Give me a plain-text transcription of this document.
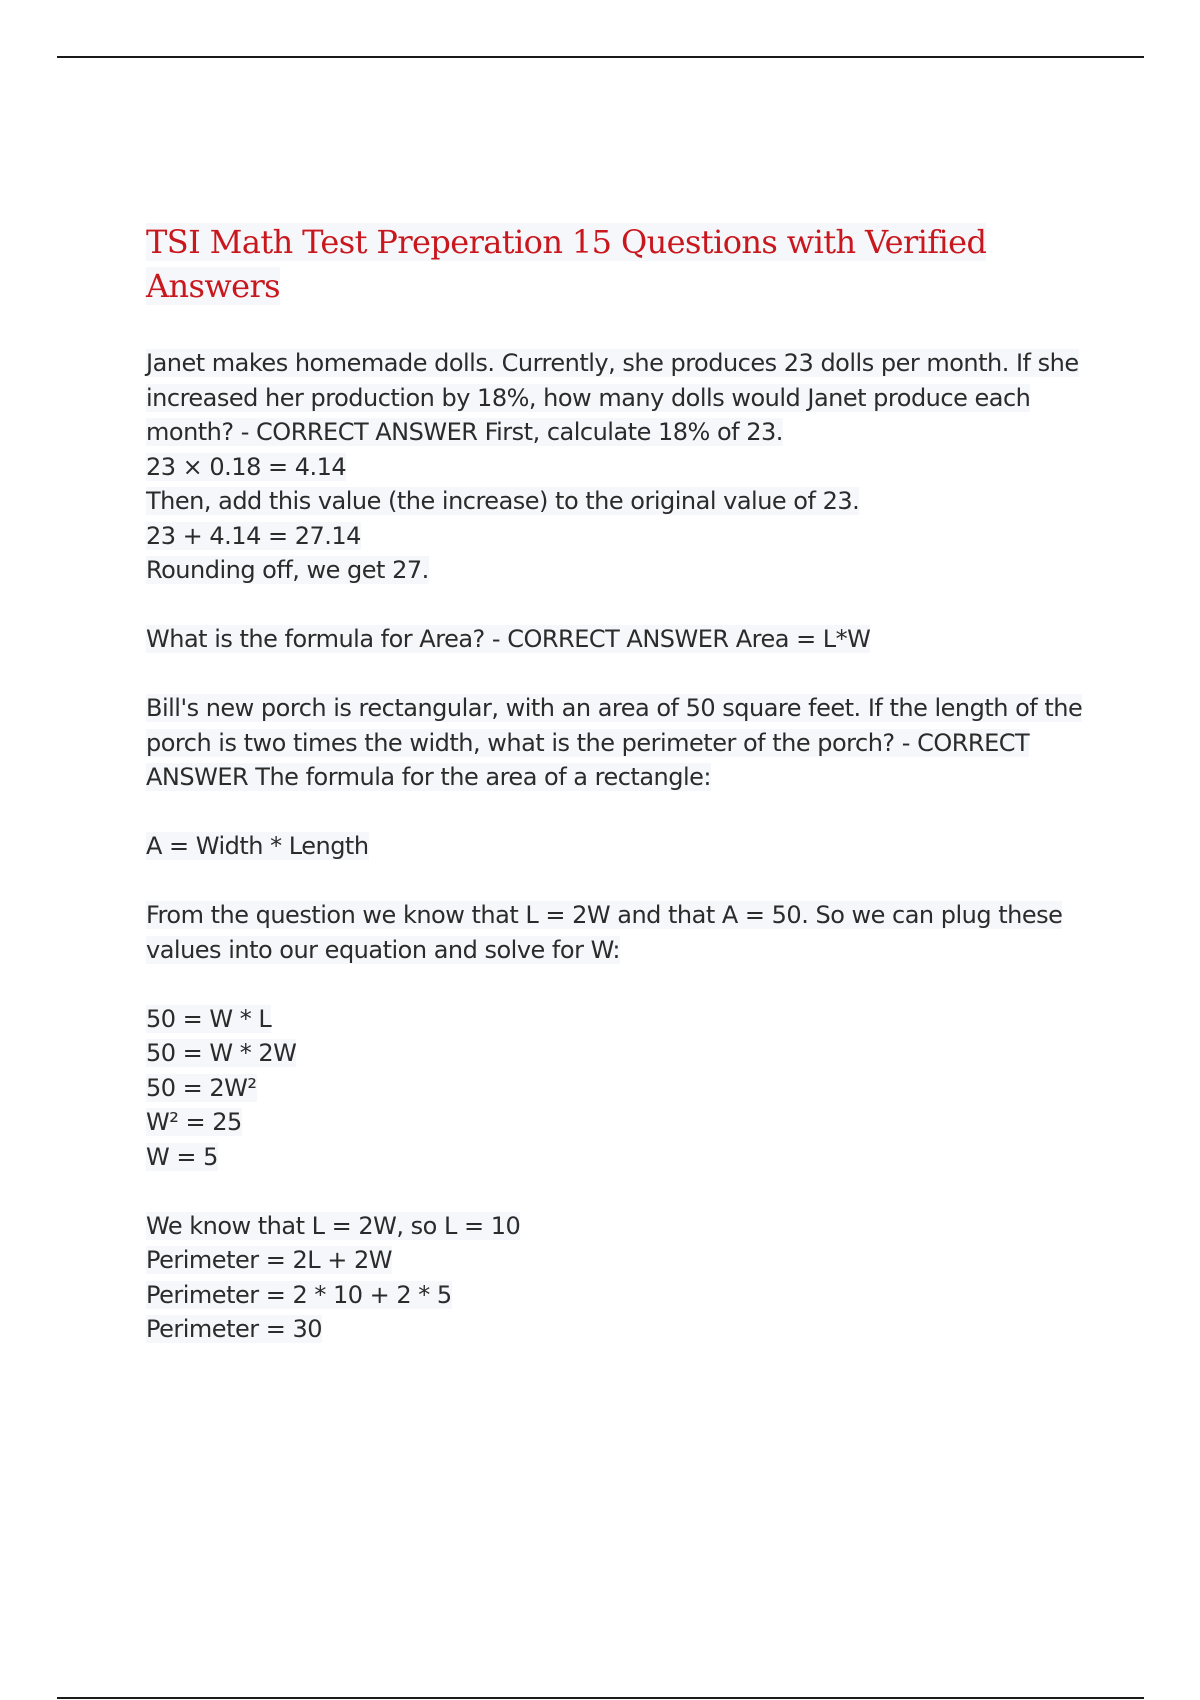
TSI Math Test Preperation 15 Questions with Verified Answers
Janet makes homemade dolls. Currently, she produces 23 dolls per month. If she
increased her production by 18%, how many dolls would Janet produce each
month? - CORRECT ANSWER First, calculate 18% of 23.
23 × 0.18 = 4.14
Then, add this value (the increase) to the original value of 23.
23 + 4.14 = 27.14
Rounding off, we get 27.
What is the formula for Area? - CORRECT ANSWER Area = L*W
Bill's new porch is rectangular, with an area of 50 square feet. If the length of the
porch is two times the width, what is the perimeter of the porch? - CORRECT
ANSWER The formula for the area of a rectangle:
A = Width * Length
From the question we know that L = 2W and that A = 50. So we can plug these
values into our equation and solve for W:
50 = W * L
50 = W * 2W
50 = 2W²
W² = 25
W = 5
We know that L = 2W, so L = 10
Perimeter = 2L + 2W
Perimeter = 2 * 10 + 2 * 5
Perimeter = 30
